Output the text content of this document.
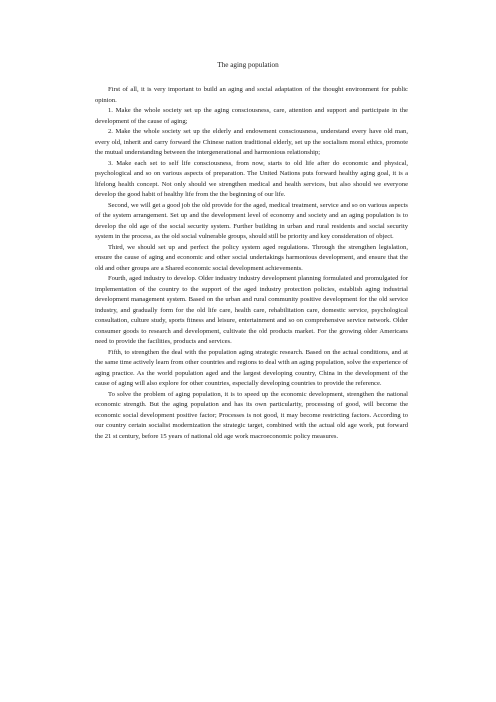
The aging population

First of all, it is very important to build an aging and social adaptation of the thought environment for public opinion.

1. Make the whole society set up the aging consciousness, care, attention and support and participate in the development of the cause of aging;

2. Make the whole society set up the elderly and endowment consciousness, understand every have old man, every old, inherit and carry forward the Chinese nation traditional elderly, set up the socialism moral ethics, promote the mutual understanding between the intergenerational and harmonious relationship;

3. Make each set to self life consciousness, from now, starts to old life after do economic and physical, psychological and so on various aspects of preparation. The United Nations puts forward healthy aging goal, it is a lifelong health concept. Not only should we strengthen medical and health services, but also should we everyone develop the good habit of healthy life from the the beginning of our life.

Second, we will get a good job the old provide for the aged, medical treatment, service and so on various aspects of the system arrangement. Set up and the development level of economy and society and an aging population is to develop the old age of the social security system. Further building in urban and rural residents and social security system in the process, as the old social vulnerable groups, should still be priority and key consideration of object.

Third, we should set up and perfect the policy system aged regulations. Through the strengthen legislation, ensure the cause of aging and economic and other social undertakings harmonious development, and ensure that the old and other groups are a Shared economic social development achievements.

Fourth, aged industry to develop. Older industry industry development planning formulated and promulgated for implementation of the country to the support of the aged industry protection policies, establish aging industrial development management system. Based on the urban and rural community positive development for the old service industry, and gradually form for the old life care, health care, rehabilitation care, domestic service, psychological consultation, culture study, sports fitness and leisure, entertainment and so on comprehensive service network. Older consumer goods to research and development, cultivate the old products market. For the growing older Americans need to provide the facilities, products and services.

Fifth, to strengthen the deal with the population aging strategic research. Based on the actual conditions, and at the same time actively learn from other countries and regions to deal with an aging population, solve the experience of aging practice. As the world population aged and the largest developing country, China in the development of the cause of aging will also explore for other countries, especially developing countries to provide the reference.

To solve the problem of aging population, it is to speed up the economic development, strengthen the national economic strength. But the aging population and has its own particularity, processing of good, will become the economic social development positive factor; Processes is not good, it may become restricting factors. According to our country certain socialist modernization the strategic target, combined with the actual old age work, put forward the 21 st century, before 15 years of national old age work macroeconomic policy measures.
